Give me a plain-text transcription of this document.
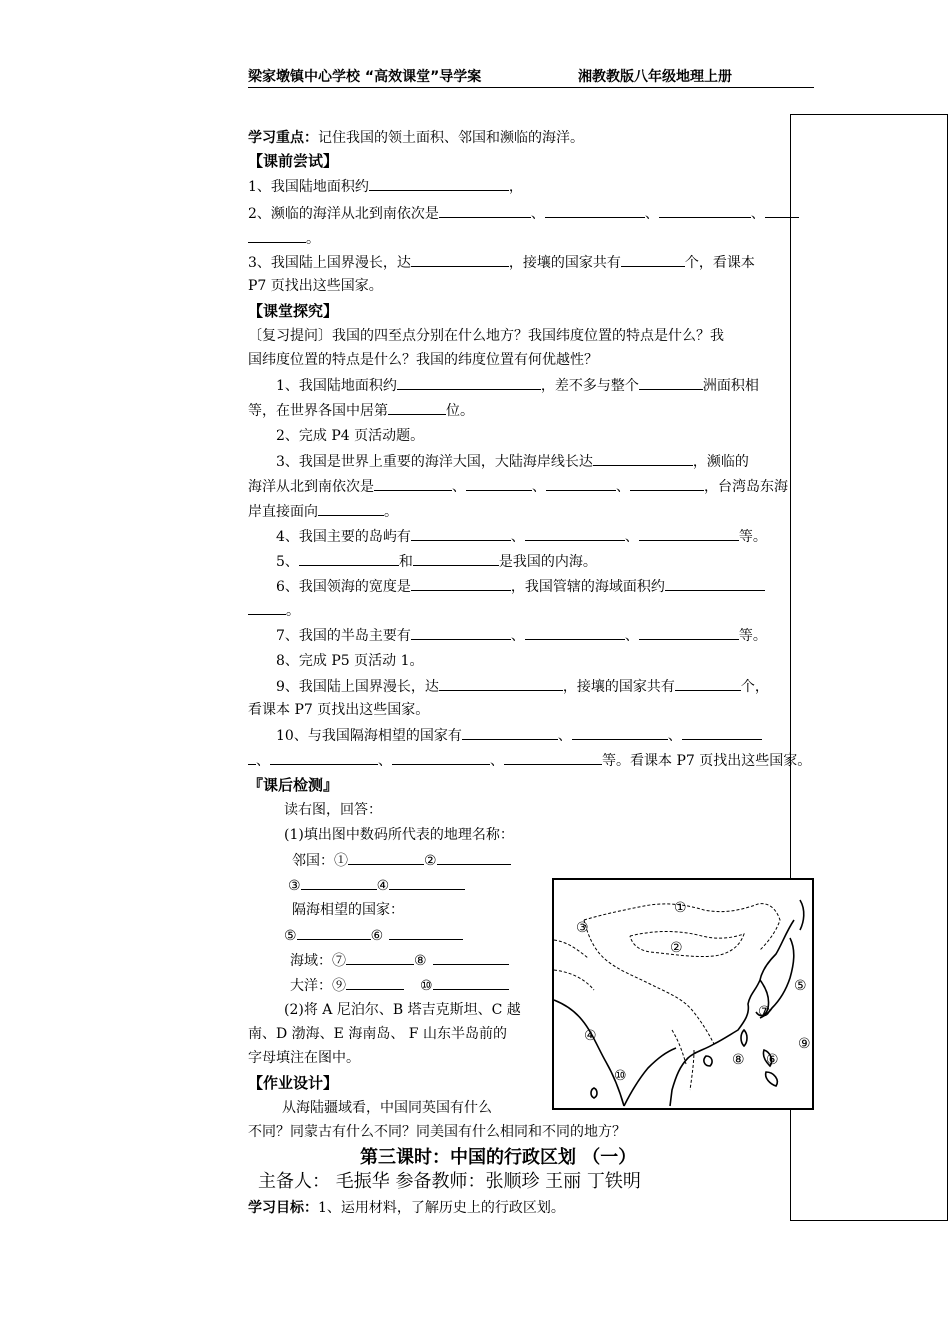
梁家墩镇中心学校 “高效课堂”导学案	湘教教版八年级地理上册
学习重点：记住我国的领土面积、邻国和濒临的海洋。
【课前尝试】
1、我国陆地面积约	，
2、濒临的海洋从北到南依次是	、	、	、
。
3、我国陆上国界漫长，达	，接壤的国家共有	个，看课本
P7 页找出这些国家。
【课堂探究】
〔复习提问〕我国的四至点分别在什么地方？我国纬度位置的特点是什么？我
国纬度位置的特点是什么？我国的纬度位置有何优越性？
1、我国陆地面积约	，差不多与整个	洲面积相
等，在世界各国中居第	位。
2、完成 P4 页活动题。
3、我国是世界上重要的海洋大国，大陆海岸线长达	，濒临的
海洋从北到南依次是	、	、	、	，台湾岛东海
岸直接面向	。
4、我国主要的岛屿有	、	、	等。
5、	和	是我国的内海。
6、我国领海的宽度是	，我国管辖的海域面积约
。
7、我国的半岛主要有	、	、	等。
8、完成 P5 页活动 1。
9、我国陆上国界漫长，达	，接壤的国家共有	个，
看课本 P7 页找出这些国家。
10、与我国隔海相望的国家有	、	、
、	、	、	等。看课本 P7 页找出这些国家。
『课后检测』
读右图，回答：
(1)填出图中数码所代表的地理名称：
邻国：①	②
③	④
隔海相望的国家：
⑤	⑥
海域：⑦	⑧
大洋：⑨	⑩
(2)将 A 尼泊尔、B 塔吉克斯坦、C 越
南、D 渤海、E 海南岛、 F 山东半岛前的
字母填注在图中。
【作业设计】
从海陆疆域看，中国同英国有什么
不同？同蒙古有什么不同？同美国有什么相同和不同的地方？
①
②
③
④
⑤
⑥
⑦
⑧
⑨
⑩
第三课时：中国的行政区划 （一）
主备人： 毛振华 参备教师：张顺珍 王丽 丁铁明
学习目标：1、运用材料，了解历史上的行政区划。
